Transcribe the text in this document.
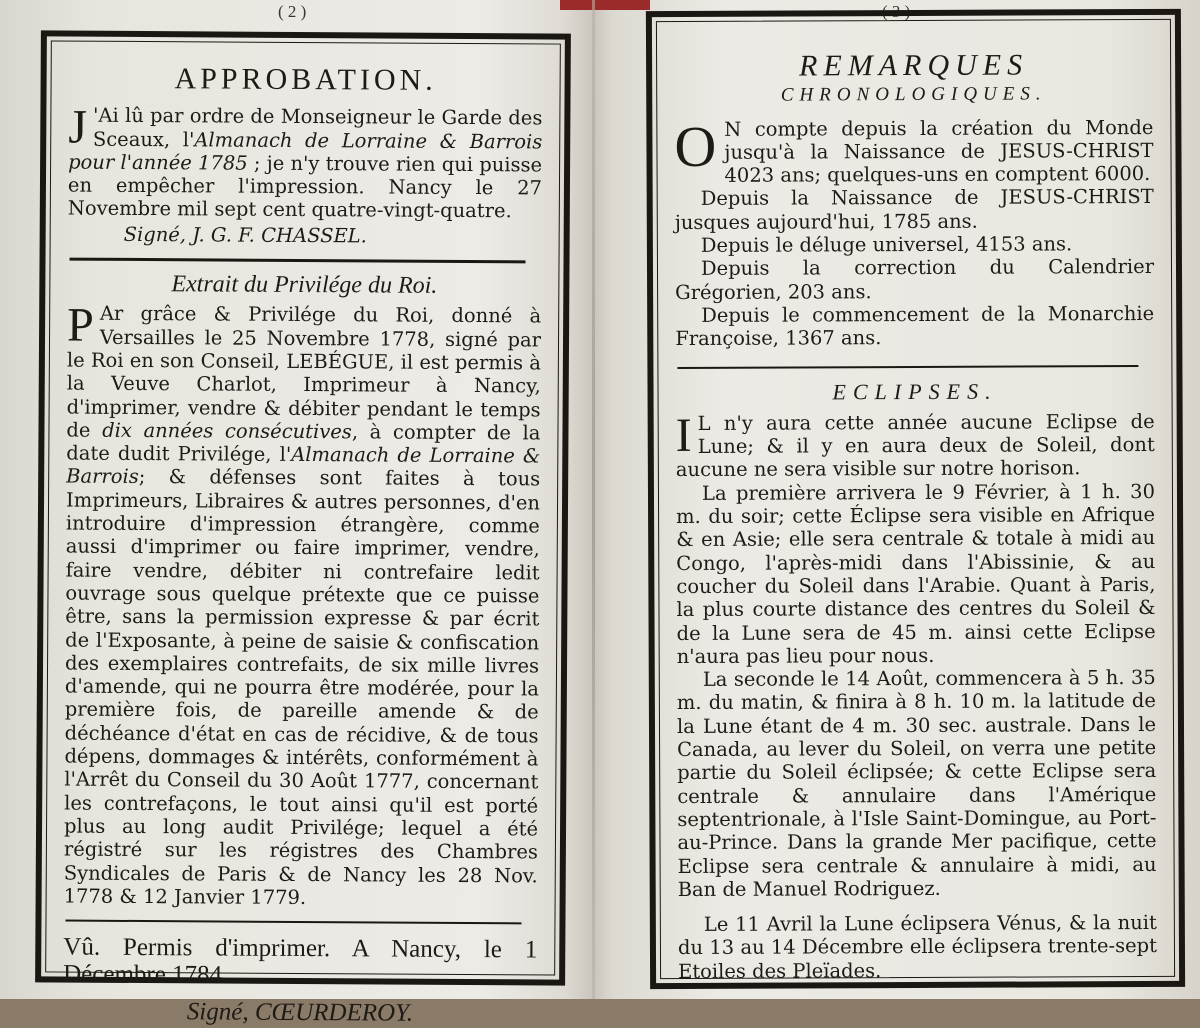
( 2 )	( 3 )
APPROBATION.

J 'Ai lû par ordre de Monseigneur le Garde des Sceaux, l'Almanach de Lorraine & Barrois pour l'année 1785 ; je n'y trouve rien qui puisse en empêcher l'impression. Nancy le 27 Novembre mil sept cent quatre-vingt-quatre.

Signé, J. G. F. CHASSEL.

Extrait du Privilége du Roi.

P Ar grâce & Privilége du Roi, donné à Versailles le 25 Novembre 1778, signé par le Roi en son Conseil, LEBÉGUE, il est permis à la Veuve Charlot, Imprimeur à Nancy, d'imprimer, vendre & débiter pendant le temps de dix années consécutives, à compter de la date dudit Privilége, l'Almanach de Lorraine & Barrois; & défenses sont faites à tous Imprimeurs, Libraires & autres personnes, d'en introduire d'impression étrangère, comme aussi d'imprimer ou faire imprimer, vendre, faire vendre, débiter ni contrefaire ledit ouvrage sous quelque prétexte que ce puisse être, sans la permission expresse & par écrit de l'Exposante, à peine de saisie & confiscation des exemplaires contrefaits, de six mille livres d'amende, qui ne pourra être modérée, pour la première fois, de pareille amende & de déchéance d'état en cas de récidive, & de tous dépens, dommages & intérêts, conformément à l'Arrêt du Conseil du 30 Août 1777, concernant les contrefaçons, le tout ainsi qu'il est porté plus au long audit Privilége; lequel a été régistré sur les régistres des Chambres Syndicales de Paris & de Nancy les 28 Nov. 1778 & 12 Janvier 1779.

Vû. Permis d'imprimer. A Nancy, le 1 Décembre 1784.
Signé, CŒURDEROY.
REMARQUES
CHRONOLOGIQUES.

O N compte depuis la création du Monde jusqu'à la Naissance de JESUS-CHRIST 4023 ans; quelques-uns en comptent 6000.

Depuis la Naissance de JESUS-CHRIST jusques aujourd'hui, 1785 ans.

Depuis le déluge universel, 4153 ans.

Depuis la correction du Calendrier Grégorien, 203 ans.

Depuis le commencement de la Monarchie Françoise, 1367 ans.

ECLIPSES.

I L n'y aura cette année aucune Eclipse de Lune; & il y en aura deux de Soleil, dont aucune ne sera visible sur notre horison.

La première arrivera le 9 Février, à 1 h. 30 m. du soir; cette Éclipse sera visible en Afrique & en Asie; elle sera centrale & totale à midi au Congo, l'après-midi dans l'Abissinie, & au coucher du Soleil dans l'Arabie. Quant à Paris, la plus courte distance des centres du Soleil & de la Lune sera de 45 m. ainsi cette Eclipse n'aura pas lieu pour nous.

La seconde le 14 Août, commencera à 5 h. 35 m. du matin, & finira à 8 h. 10 m. la latitude de la Lune étant de 4 m. 30 sec. australe. Dans le Canada, au lever du Soleil, on verra une petite partie du Soleil éclipsée; & cette Eclipse sera centrale & annulaire dans l'Amérique septentrionale, à l'Isle Saint-Domingue, au Port-au-Prince. Dans la grande Mer pacifique, cette Eclipse sera centrale & annulaire à midi, au Ban de Manuel Rodriguez.

Le 11 Avril la Lune éclipsera Vénus, & la nuit du 13 au 14 Décembre elle éclipsera trente-sept Etoiles des Pleïades.
